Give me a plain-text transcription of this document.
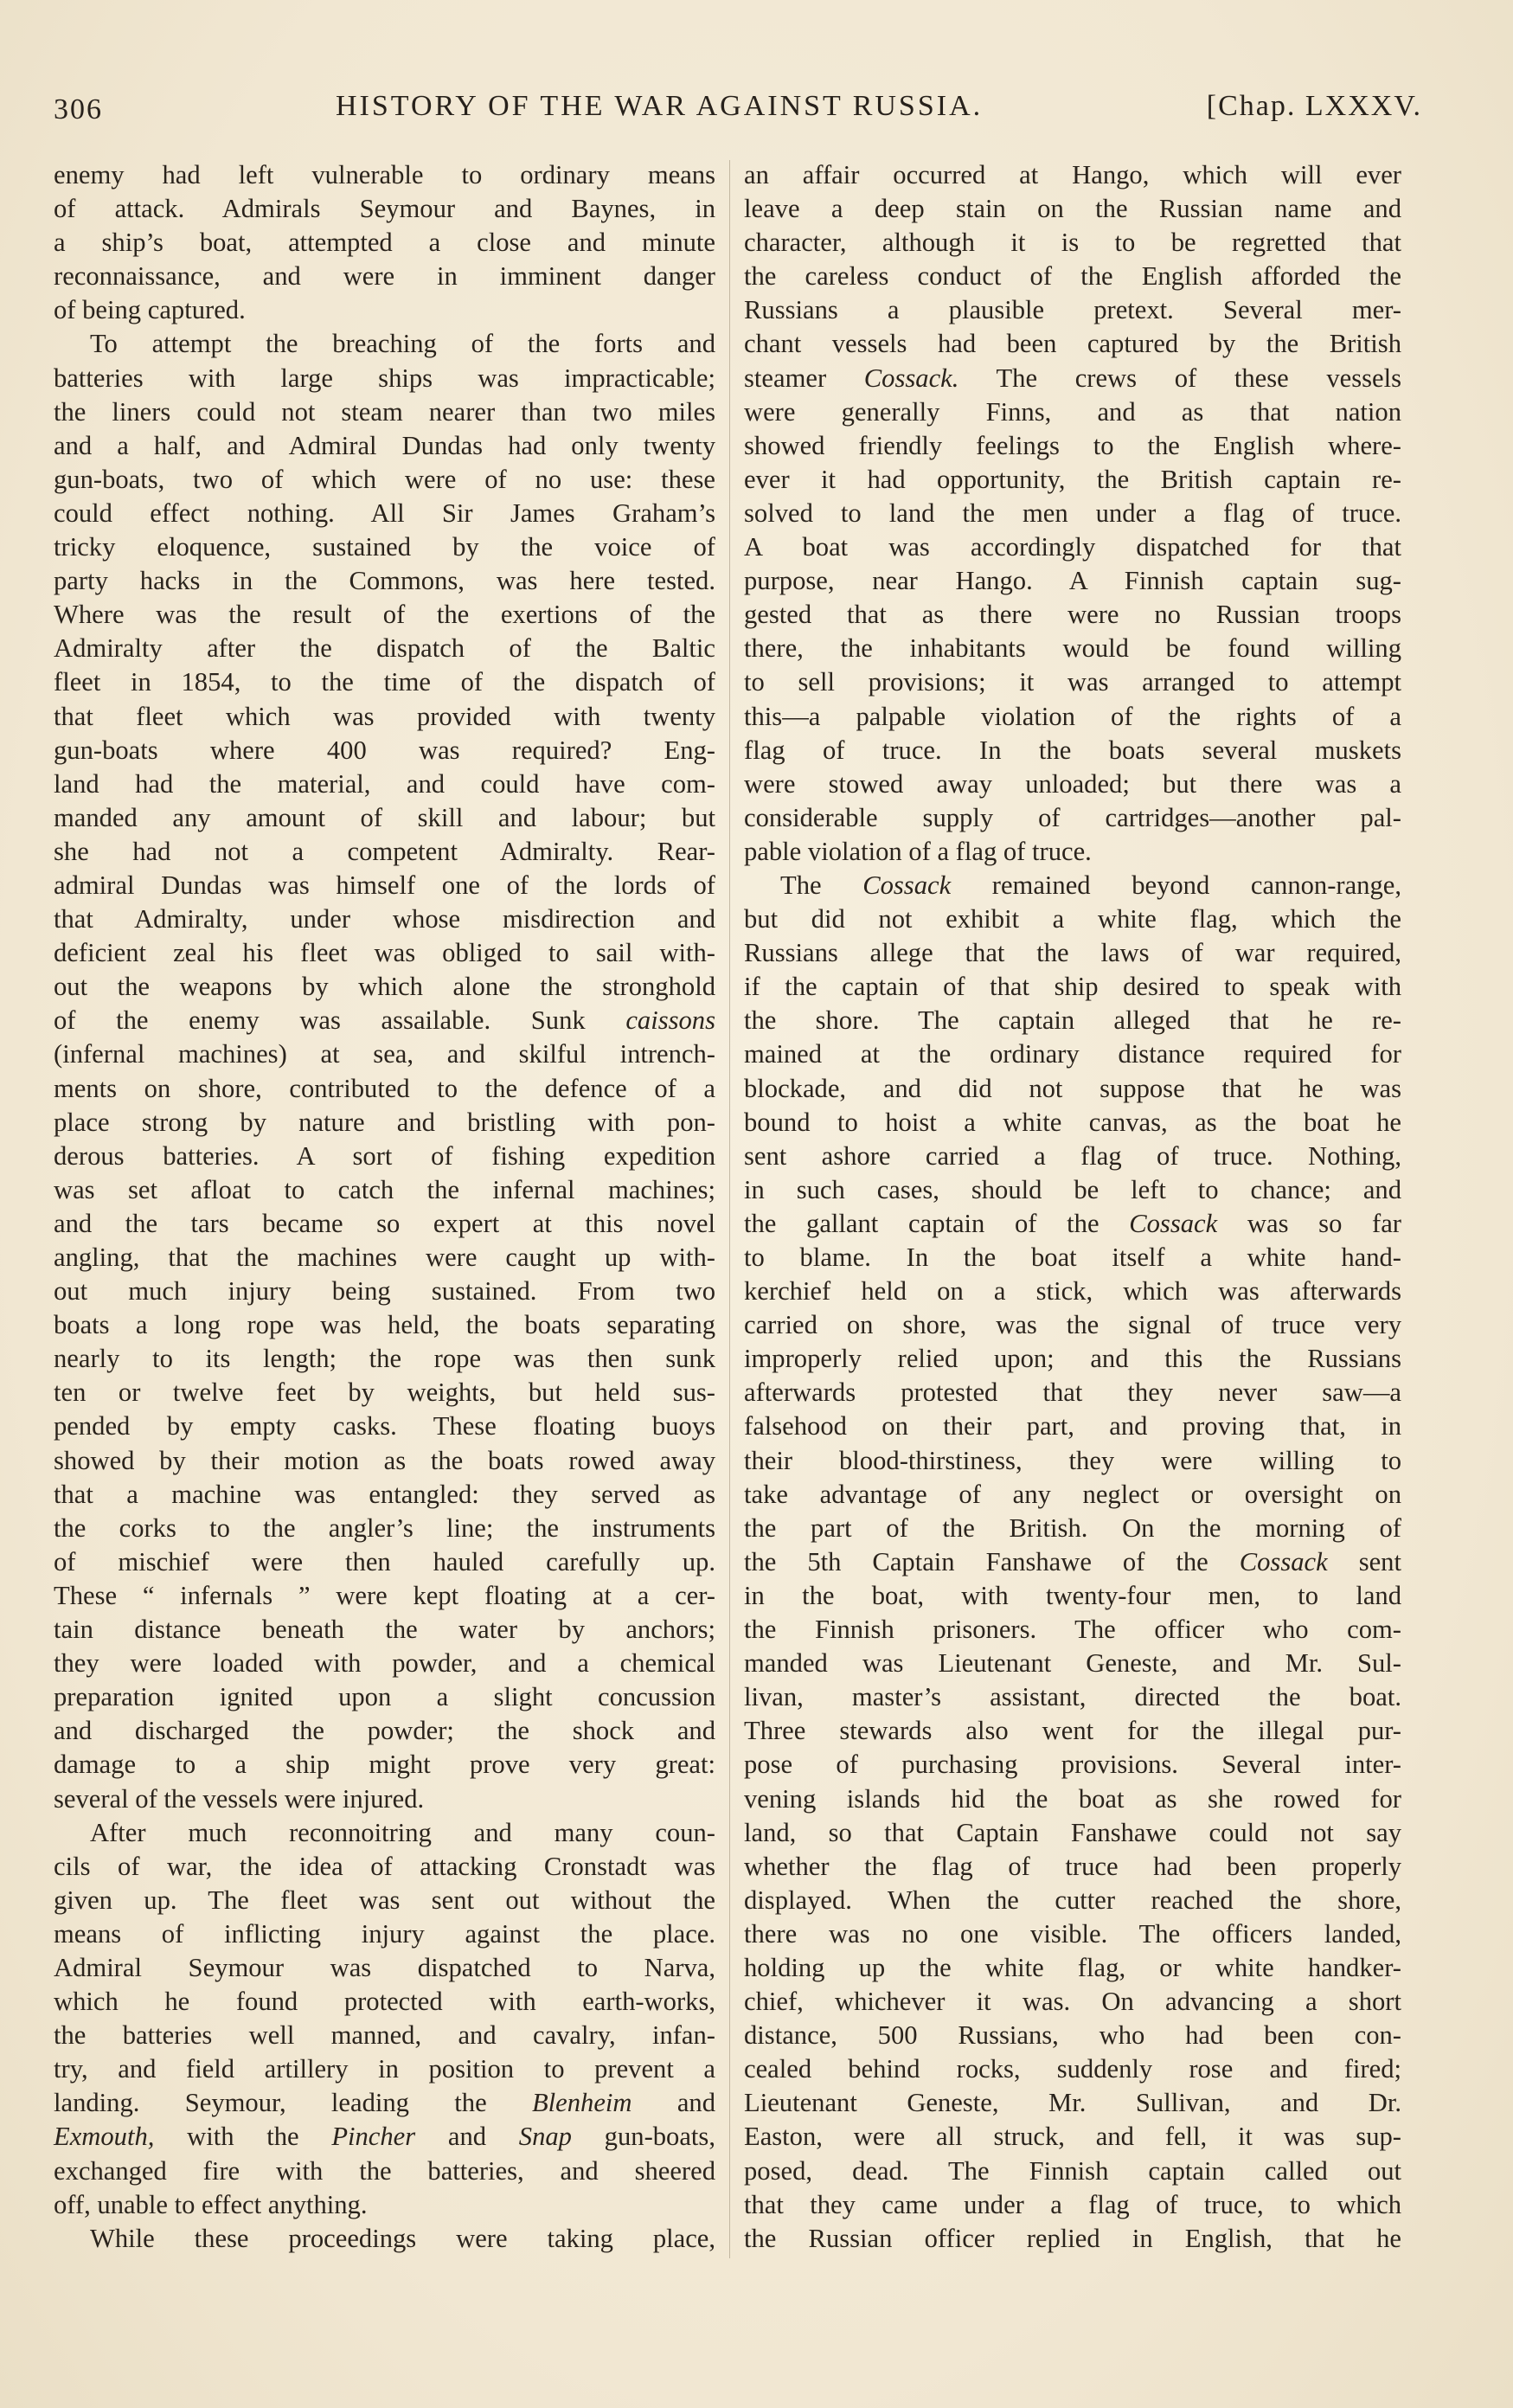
306	HISTORY OF THE WAR AGAINST RUSSIA.	[Chap. LXXXV.
enemy had left vulnerable to ordinary means
of attack. Admirals Seymour and Baynes, in
a ship’s boat, attempted a close and minute
reconnaissance, and were in imminent danger
of being captured.
To attempt the breaching of the forts and
batteries with large ships was impracticable;
the liners could not steam nearer than two miles
and a half, and Admiral Dundas had only twenty
gun-boats, two of which were of no use: these
could effect nothing. All Sir James Graham’s
tricky eloquence, sustained by the voice of
party hacks in the Commons, was here tested.
Where was the result of the exertions of the
Admiralty after the dispatch of the Baltic
fleet in 1854, to the time of the dispatch of
that fleet which was provided with twenty
gun-boats where 400 was required? Eng-
land had the material, and could have com-
manded any amount of skill and labour; but
she had not a competent Admiralty. Rear-
admiral Dundas was himself one of the lords of
that Admiralty, under whose misdirection and
deficient zeal his fleet was obliged to sail with-
out the weapons by which alone the stronghold
of the enemy was assailable. Sunk caissons
(infernal machines) at sea, and skilful intrench-
ments on shore, contributed to the defence of a
place strong by nature and bristling with pon-
derous batteries. A sort of fishing expedition
was set afloat to catch the infernal machines;
and the tars became so expert at this novel
angling, that the machines were caught up with-
out much injury being sustained. From two
boats a long rope was held, the boats separating
nearly to its length; the rope was then sunk
ten or twelve feet by weights, but held sus-
pended by empty casks. These floating buoys
showed by their motion as the boats rowed away
that a machine was entangled: they served as
the corks to the angler’s line; the instruments
of mischief were then hauled carefully up.
These “ infernals ” were kept floating at a cer-
tain distance beneath the water by anchors;
they were loaded with powder, and a chemical
preparation ignited upon a slight concussion
and discharged the powder; the shock and
damage to a ship might prove very great:
several of the vessels were injured.
After much reconnoitring and many coun-
cils of war, the idea of attacking Cronstadt was
given up. The fleet was sent out without the
means of inflicting injury against the place.
Admiral Seymour was dispatched to Narva,
which he found protected with earth-works,
the batteries well manned, and cavalry, infan-
try, and field artillery in position to prevent a
landing. Seymour, leading the Blenheim and
Exmouth, with the Pincher and Snap gun-boats,
exchanged fire with the batteries, and sheered
off, unable to effect anything.
While these proceedings were taking place,
an affair occurred at Hango, which will ever
leave a deep stain on the Russian name and
character, although it is to be regretted that
the careless conduct of the English afforded the
Russians a plausible pretext. Several mer-
chant vessels had been captured by the British
steamer Cossack. The crews of these vessels
were generally Finns, and as that nation
showed friendly feelings to the English where-
ever it had opportunity, the British captain re-
solved to land the men under a flag of truce.
A boat was accordingly dispatched for that
purpose, near Hango. A Finnish captain sug-
gested that as there were no Russian troops
there, the inhabitants would be found willing
to sell provisions; it was arranged to attempt
this—a palpable violation of the rights of a
flag of truce. In the boats several muskets
were stowed away unloaded; but there was a
considerable supply of cartridges—another pal-
pable violation of a flag of truce.
The Cossack remained beyond cannon-range,
but did not exhibit a white flag, which the
Russians allege that the laws of war required,
if the captain of that ship desired to speak with
the shore. The captain alleged that he re-
mained at the ordinary distance required for
blockade, and did not suppose that he was
bound to hoist a white canvas, as the boat he
sent ashore carried a flag of truce. Nothing,
in such cases, should be left to chance; and
the gallant captain of the Cossack was so far
to blame. In the boat itself a white hand-
kerchief held on a stick, which was afterwards
carried on shore, was the signal of truce very
improperly relied upon; and this the Russians
afterwards protested that they never saw—a
falsehood on their part, and proving that, in
their blood-thirstiness, they were willing to
take advantage of any neglect or oversight on
the part of the British. On the morning of
the 5th Captain Fanshawe of the Cossack sent
in the boat, with twenty-four men, to land
the Finnish prisoners. The officer who com-
manded was Lieutenant Geneste, and Mr. Sul-
livan, master’s assistant, directed the boat.
Three stewards also went for the illegal pur-
pose of purchasing provisions. Several inter-
vening islands hid the boat as she rowed for
land, so that Captain Fanshawe could not say
whether the flag of truce had been properly
displayed. When the cutter reached the shore,
there was no one visible. The officers landed,
holding up the white flag, or white handker-
chief, whichever it was. On advancing a short
distance, 500 Russians, who had been con-
cealed behind rocks, suddenly rose and fired;
Lieutenant Geneste, Mr. Sullivan, and Dr.
Easton, were all struck, and fell, it was sup-
posed, dead. The Finnish captain called out
that they came under a flag of truce, to which
the Russian officer replied in English, that he
